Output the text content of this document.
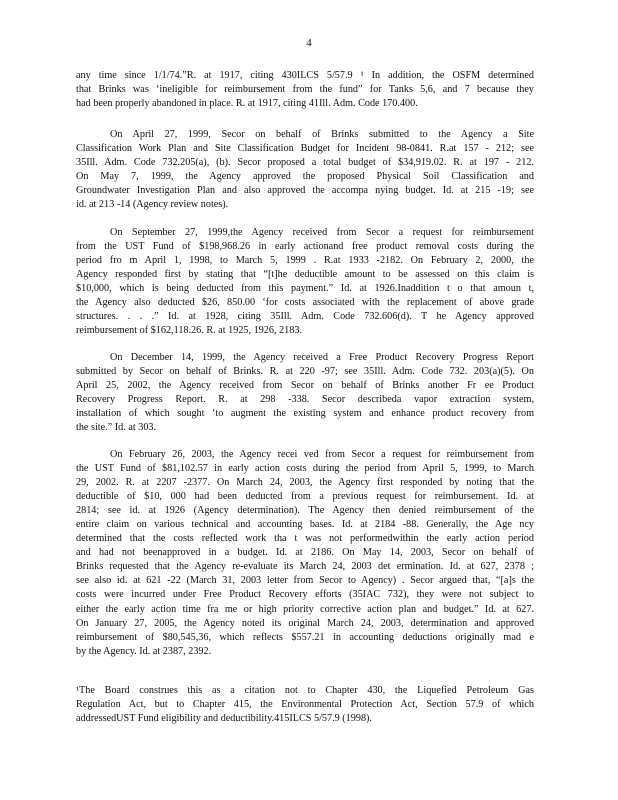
4

any time since 1/1/74.”R. at 1917, citing 430ILCS 5/57.9 ¹ In addition, the OSFM determined
that Brinks was ‘ineligible for reimbursement from the fund” for Tanks 5,6, and 7 because they
had been properly abandoned in place. R. at 1917, citing 41Ill. Adm. Code 170.400.

On April 27, 1999, Secor on behalf of Brinks submitted to the Agency a Site
Classification Work Plan and Site Classification Budget for Incident 98-0841. R.at 157 - 212; see
35Ill. Adm. Code 732.205(a), (b). Secor proposed a total budget of $34,919.02. R. at 197 - 212.
On May 7, 1999, the Agency approved the proposed Physical Soil Classification and
Groundwater Investigation Plan and also approved the accompa nying budget. Id. at 215 -19; see
id. at 213 -14 (Agency review notes).

On September 27, 1999,the Agency received from Secor a request for reimbursement
from the UST Fund of $198,968.26 in early actionand free product removal costs during the
period fro m April 1, 1998, to March 5, 1999 . R.at 1933 -2182. On February 2, 2000, the
Agency responded first by stating that “[t]he deductible amount to be assessed on this claim is
$10,000, which is being deducted from this payment.” Id. at 1926.Inaddition t o that amoun t,
the Agency also deducted $26, 850.00 ‘for costs associated with the replacement of above grade
structures. . . .” Id. at 1928, citing 35Ill. Adm. Code 732.606(d). T he Agency approved
reimbursement of $162,118.26. R. at 1925, 1926, 2183.

On December 14, 1999, the Agency received a Free Product Recovery Progress Report
submitted by Secor on behalf of Brinks. R. at 220 -97; see 35Ill. Adm. Code 732. 203(a)(5). On
April 25, 2002, the Agency received from Secor on behalf of Brinks another Fr ee Product
Recovery Progress Report. R. at 298 -338. Secor describeda vapor extraction system,
installation of which sought ‘to augment the existing system and enhance product recovery from
the site.” Id. at 303.

On February 26, 2003, the Agency recei ved from Secor a request for reimbursement from
the UST Fund of $81,102.57 in early action costs during the period from April 5, 1999, to March
29, 2002. R. at 2207 -2377. On March 24, 2003, the Agency first responded by noting that the
deductible of $10, 000 had been deducted from a previous request for reimbursement. Id. at
2814; see id. at 1926 (Agency determination). The Agency then denied reimbursement of the
entire claim on various technical and accounting bases. Id. at 2184 -88. Generally, the Age ncy
determined that the costs reflected work tha t was not performedwithin the early action period
and had not beenapproved in a budget. Id. at 2186. On May 14, 2003, Secor on behalf of
Brinks requested that the Agency re-evaluate its March 24, 2003 det ermination. Id. at 627, 2378 ;
see also id. at 621 -22 (March 31, 2003 letter from Secor to Agency) . Secor argued that, “[a]s the
costs were incurred under Free Product Recovery efforts (35IAC 732), they were not subject to
either the early action time fra me or high priority corrective action plan and budget.” Id. at 627.
On January 27, 2005, the Agency noted its original March 24, 2003, determination and approved
reimbursement of $80,545,36, which reflects $557.21 in accounting deductions originally mad e
by the Agency. Id. at 2387, 2392.

¹The Board construes this as a citation not to Chapter 430, the Liquefied Petroleum Gas
Regulation Act, but to Chapter 415, the Environmental Protection Act, Section 57.9 of which
addressedUST Fund eligibility and deductibility.415ILCS 5/57.9 (1998).
